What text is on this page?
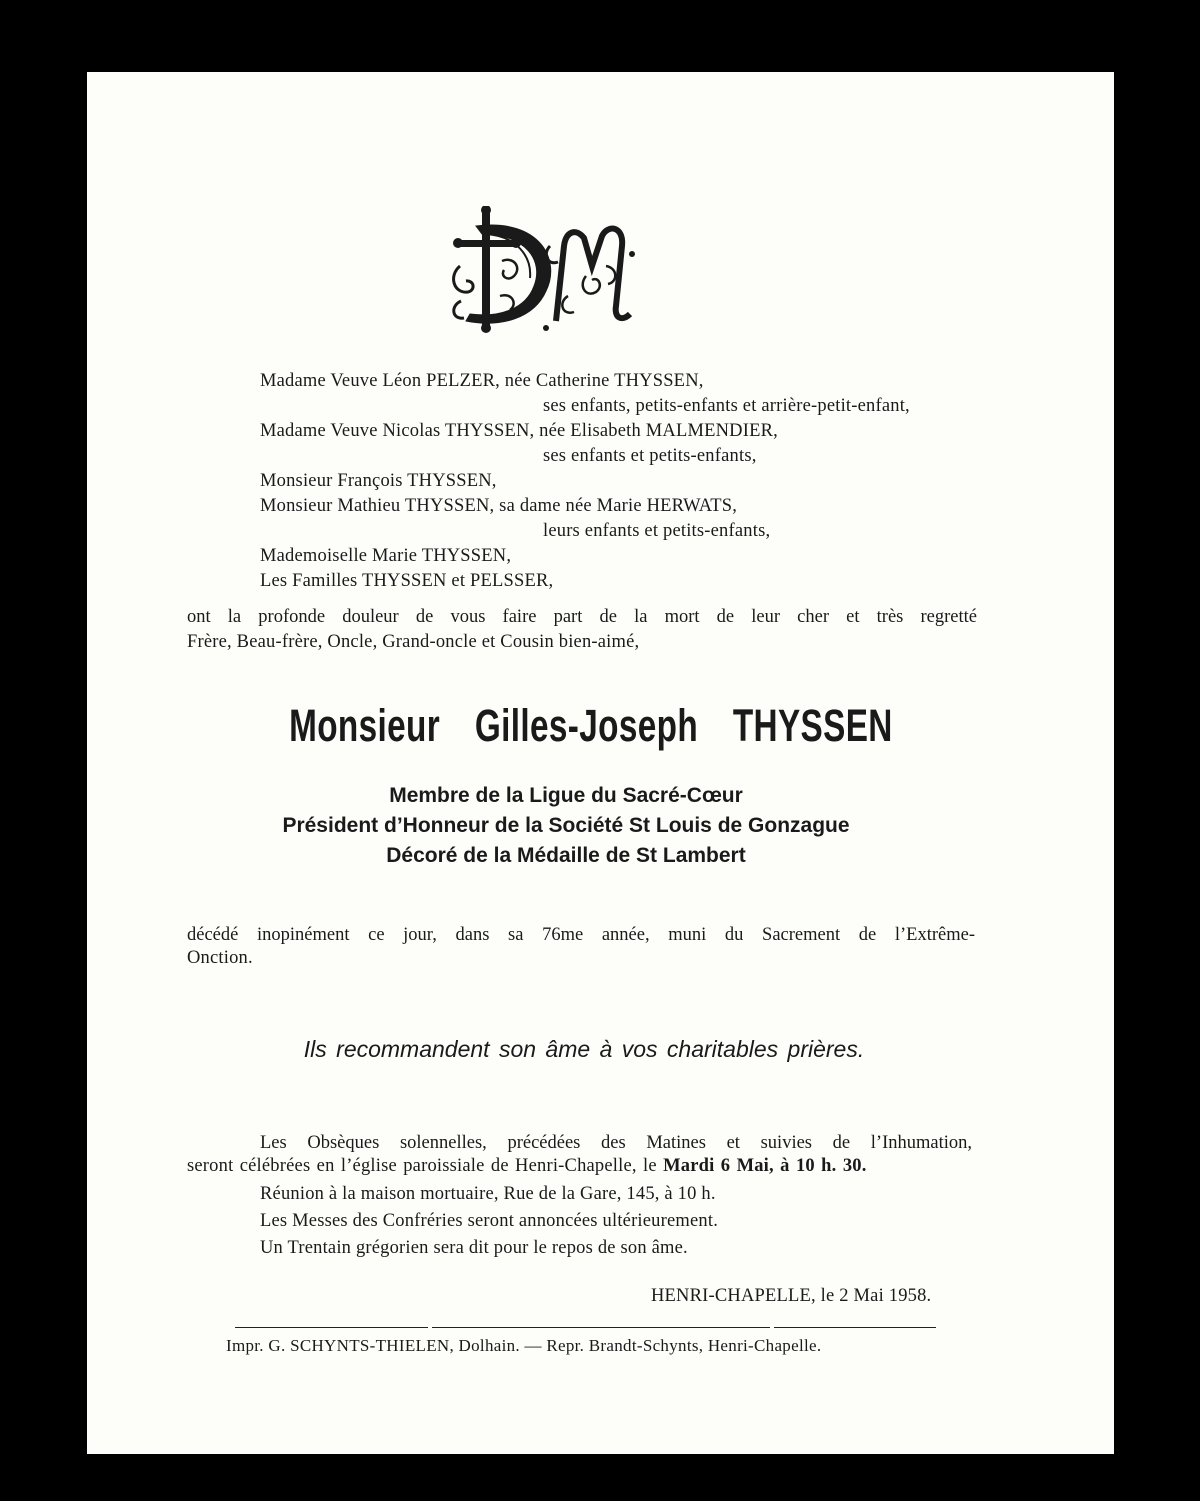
Madame Veuve Léon PELZER, née Catherine THYSSEN,
ses enfants, petits-enfants et arrière-petit-enfant,
Madame Veuve Nicolas THYSSEN, née Elisabeth MALMENDIER,
ses enfants et petits-enfants,
Monsieur François THYSSEN,
Monsieur Mathieu THYSSEN, sa dame née Marie HERWATS,
leurs enfants et petits-enfants,
Mademoiselle Marie THYSSEN,
Les Familles THYSSEN et PELSSER,
ont la profonde douleur de vous faire part de la mort de leur cher et très regretté
Frère, Beau-frère, Oncle, Grand-oncle et Cousin bien-aimé,
Monsieur Gilles-Joseph THYSSEN
Membre de la Ligue du Sacré-Cœur
Président d’Honneur de la Société St Louis de Gonzague
Décoré de la Médaille de St Lambert
décédé inopinément ce jour, dans sa 76me année, muni du Sacrement de l’Extrême-
Onction.
Ils recommandent son âme à vos charitables prières.
Les Obsèques solennelles, précédées des Matines et suivies de l’Inhumation,
seront célébrées en l’église paroissiale de Henri-Chapelle, le Mardi 6 Mai, à 10 h. 30.
Réunion à la maison mortuaire, Rue de la Gare, 145, à 10 h.
Les Messes des Confréries seront annoncées ultérieurement.
Un Trentain grégorien sera dit pour le repos de son âme.
HENRI-CHAPELLE, le 2 Mai 1958.
Impr. G. SCHYNTS-THIELEN, Dolhain. — Repr. Brandt-Schynts, Henri-Chapelle.
